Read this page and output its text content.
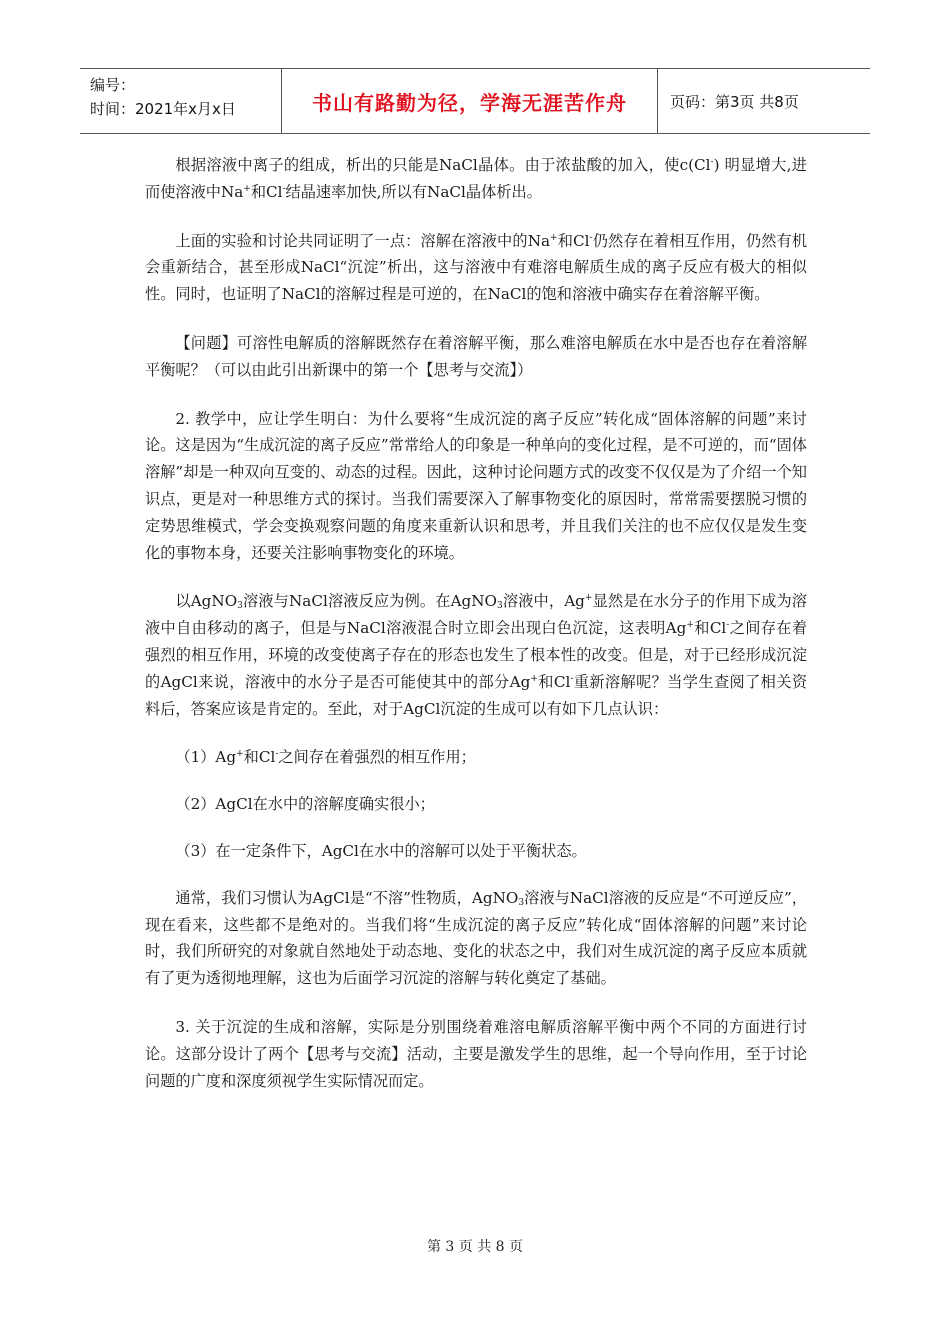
编号：
时间：2021年x月x日	书山有路勤为径，学海无涯苦作舟	页码：第3页 共8页

根据溶液中离子的组成，析出的只能是NaCl晶体。由于浓盐酸的加入，使c(Cl-) 明显增大,进而使溶液中Na+和Cl-结晶速率加快,所以有NaCl晶体析出。

上面的实验和讨论共同证明了一点：溶解在溶液中的Na+和Cl-仍然存在着相互作用，仍然有机会重新结合，甚至形成NaCl“沉淀”析出，这与溶液中有难溶电解质生成的离子反应有极大的相似性。同时，也证明了NaCl的溶解过程是可逆的，在NaCl的饱和溶液中确实存在着溶解平衡。

【问题】可溶性电解质的溶解既然存在着溶解平衡，那么难溶电解质在水中是否也存在着溶解平衡呢？（可以由此引出新课中的第一个【思考与交流】）

2. 教学中，应让学生明白：为什么要将“生成沉淀的离子反应”转化成“固体溶解的问题”来讨论。这是因为“生成沉淀的离子反应”常常给人的印象是一种单向的变化过程，是不可逆的，而“固体溶解”却是一种双向互变的、动态的过程。因此，这种讨论问题方式的改变不仅仅是为了介绍一个知识点，更是对一种思维方式的探讨。当我们需要深入了解事物变化的原因时，常常需要摆脱习惯的定势思维模式，学会变换观察问题的角度来重新认识和思考，并且我们关注的也不应仅仅是发生变化的事物本身，还要关注影响事物变化的环境。

以AgNO$_3$溶液与NaCl溶液反应为例。在AgNO$_3$溶液中，Ag+显然是在水分子的作用下成为溶液中自由移动的离子，但是与NaCl溶液混合时立即会出现白色沉淀，这表明Ag+和Cl-之间存在着强烈的相互作用，环境的改变使离子存在的形态也发生了根本性的改变。但是，对于已经形成沉淀的AgCl来说，溶液中的水分子是否可能使其中的部分Ag+和Cl-重新溶解呢？当学生查阅了相关资料后，答案应该是肯定的。至此，对于AgCl沉淀的生成可以有如下几点认识：

（1）Ag+和Cl-之间存在着强烈的相互作用；

（2）AgCl在水中的溶解度确实很小；

（3）在一定条件下，AgCl在水中的溶解可以处于平衡状态。

通常，我们习惯认为AgCl是“不溶”性物质，AgNO$_3$溶液与NaCl溶液的反应是“不可逆反应”，现在看来，这些都不是绝对的。当我们将“生成沉淀的离子反应”转化成“固体溶解的问题”来讨论时，我们所研究的对象就自然地处于动态地、变化的状态之中，我们对生成沉淀的离子反应本质就有了更为透彻地理解，这也为后面学习沉淀的溶解与转化奠定了基础。

3. 关于沉淀的生成和溶解，实际是分别围绕着难溶电解质溶解平衡中两个不同的方面进行讨论。这部分设计了两个【思考与交流】活动，主要是激发学生的思维，起一个导向作用，至于讨论问题的广度和深度须视学生实际情况而定。

第 3 页 共 8 页
